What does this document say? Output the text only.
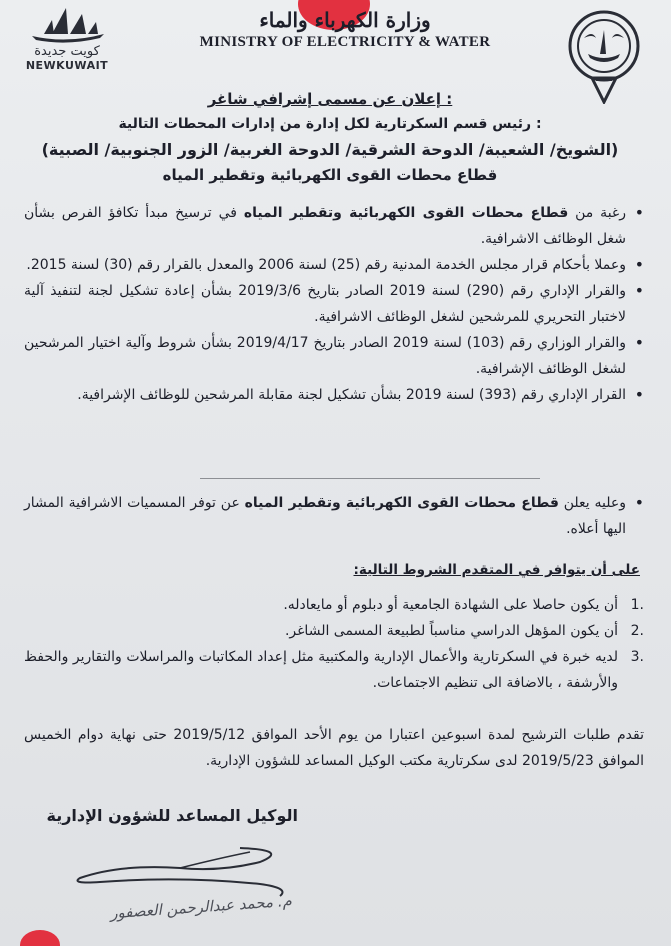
كويت جديدة
NEWKUWAIT
وزارة الكهرباء والماء
MINISTRY OF ELECTRICITY & WATER
إعلان عن مسمى إشرافي شاغر :
رئيس قسم السكرتارية لكل إدارة من إدارات المحطات التالية :
(الشويخ/ الشعيبة/ الدوحة الشرقية/ الدوحة الغربية/ الزور الجنوبية/ الصبية)
قطاع محطات القوى الكهربائية وتقطير المياه
• رغبة من قطاع محطات القوى الكهربائية وتقطير المياه في ترسيخ مبدأ تكافؤ الفرص بشأن شغل الوظائف الاشرافية.
• وعملا بأحكام قرار مجلس الخدمة المدنية رقم (25) لسنة 2006 والمعدل بالقرار رقم (30) لسنة 2015.
• والقرار الإداري رقم (290) لسنة 2019 الصادر بتاريخ 2019/3/6 بشأن إعادة تشكيل لجنة لتنفيذ آلية لاختبار التحريري للمرشحين لشغل الوظائف الاشرافية.
• والقرار الوزاري رقم (103) لسنة 2019 الصادر بتاريخ 2019/4/17 بشأن شروط وآلية اختيار المرشحين لشغل الوظائف الإشرافية.
• القرار الإداري رقم (393) لسنة 2019 بشأن تشكيل لجنة مقابلة المرشحين للوظائف الإشرافية.
• وعليه يعلن قطاع محطات القوى الكهربائية وتقطير المياه عن توفر المسميات الاشرافية المشار اليها أعلاه.
على أن يتوافر في المتقدم الشروط التالية:
.1
أن يكون حاصلا على الشهادة الجامعية أو دبلوم أو مايعادله.
.2
أن يكون المؤهل الدراسي مناسباً لطبيعة المسمى الشاغر.
.3
لديه خبرة في السكرتارية والأعمال الإدارية والمكتبية مثل إعداد المكاتبات والمراسلات والتقارير والحفظ والأرشفة ، بالاضافة الى تنظيم الاجتماعات.
تقدم طلبات الترشيح لمدة اسبوعين اعتبارا من يوم الأحد الموافق 2019/5/12 حتى نهاية دوام الخميس الموافق 2019/5/23 لدى سكرتارية مكتب الوكيل المساعد للشؤون الإدارية.
الوكيل المساعد للشؤون الإدارية
م. محمد عبدالرحمن العصفور
